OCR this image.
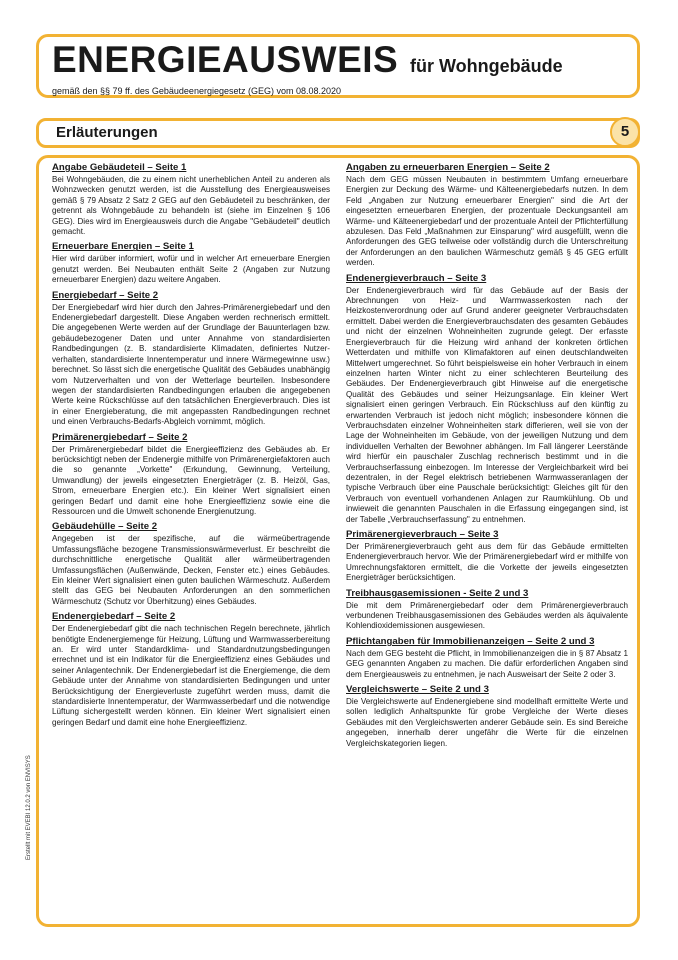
ENERGIEAUSWEIS für Wohngebäude
gemäß den §§ 79 ff. des Gebäudeenergiegesetz (GEG) vom 08.08.2020
Erläuterungen	5
Angabe Gebäudeteil – Seite 1

Bei Wohngebäuden, die zu einem nicht unerheblichen Anteil zu anderen als Wohnzwecken genutzt werden, ist die Ausstellung des Energieausweises gemäß § 79 Absatz 2 Satz 2 GEG auf den Gebäudeteil zu beschränken, der getrennt als Wohngebäude zu behandeln ist (siehe im Einzelnen § 106 GEG). Dies wird im Energieausweis durch die Angabe "Gebäudeteil" deutlich gemacht.

Erneuerbare Energien – Seite 1

Hier wird darüber informiert, wofür und in welcher Art erneuerbare Energien genutzt werden. Bei Neubauten enthält Seite 2 (Angaben zur Nutzung erneuerbarer Energien) dazu weitere Angaben.

Energiebedarf – Seite 2

Der Energiebedarf wird hier durch den Jahres-Primärenergiebedarf und den Endenergiebedarf dargestellt. Diese Angaben werden rechnerisch ermittelt. Die angegebenen Werte werden auf der Grundlage der Bauunterlagen bzw. gebäudebezogener Daten und unter Annahme von standardisierten Randbedingungen (z. B. standardisierte Klimadaten, definiertes Nutzer-verhalten, standardisierte Innentemperatur und innere Wärmegewinne usw.) berechnet. So lässt sich die energetische Qualität des Gebäudes unabhängig vom Nutzerverhalten und von der Wetterlage beurteilen. Insbesondere wegen der standardisierten Randbedingungen erlauben die angegebenen Werte keine Rückschlüsse auf den tatsächlichen Energieverbrauch. Dies ist in einer Energieberatung, die mit angepassten Randbedingungen rechnet und einen Verbrauchs-Bedarfs-Abgleich vornimmt, möglich.

Primärenergiebedarf – Seite 2

Der Primärenergiebedarf bildet die Energieeffizienz des Gebäudes ab. Er berücksichtigt neben der Endenergie mithilfe von Primärenergiefaktoren auch die so genannte „Vorkette" (Erkundung, Gewinnung, Verteilung, Umwandlung) der jeweils eingesetzten Energieträger (z. B. Heizöl, Gas, Strom, erneuerbare Energien etc.). Ein kleiner Wert signalisiert einen geringen Bedarf und damit eine hohe Energieeffizienz sowie eine die Ressourcen und die Umwelt schonende Energienutzung.

Gebäudehülle – Seite 2

Angegeben ist der spezifische, auf die wärmeübertragende Umfassungsfläche bezogene Transmissionswärmeverlust. Er beschreibt die durchschnittliche energetische Qualität aller wärmeübertragenden Umfassungsflächen (Außenwände, Decken, Fenster etc.) eines Gebäudes. Ein kleiner Wert signalisiert einen guten baulichen Wärmeschutz. Außerdem stellt das GEG bei Neubauten Anforderungen an den sommerlichen Wärmeschutz (Schutz vor Überhitzung) eines Gebäudes.

Endenergiebedarf – Seite 2

Der Endenergiebedarf gibt die nach technischen Regeln berechnete, jährlich benötigte Endenergiemenge für Heizung, Lüftung und Warmwasserbereitung an. Er wird unter Standardklima- und Standardnutzungsbedingungen errechnet und ist ein Indikator für die Energieeffizienz eines Gebäudes und seiner Anlagentechnik. Der Endenergiebedarf ist die Energiemenge, die dem Gebäude unter der Annahme von standardisierten Bedingungen und unter Berücksichtigung der Energieverluste zugeführt werden muss, damit die standardisierte Innentemperatur, der Warmwasserbedarf und die notwendige Lüftung sichergestellt werden können. Ein kleiner Wert signalisiert einen geringen Bedarf und damit eine hohe Energieeffizienz.

Angaben zu erneuerbaren Energien – Seite 2

Nach dem GEG müssen Neubauten in bestimmtem Umfang erneuerbare Energien zur Deckung des Wärme- und Kälteenergiebedarfs nutzen. In dem Feld „Angaben zur Nutzung erneuerbarer Energien" sind die Art der eingesetzten erneuerbaren Energien, der prozentuale Deckungsanteil am Wärme- und Kälteenergiebedarf und der prozentuale Anteil der Pflichterfüllung abzulesen. Das Feld „Maßnahmen zur Einsparung" wird ausgefüllt, wenn die Anforderungen des GEG teilweise oder vollständig durch die Unterschreitung der Anforderungen an den baulichen Wärmeschutz gemäß § 45 GEG erfüllt werden.

Endenergieverbrauch – Seite 3

Der Endenergieverbrauch wird für das Gebäude auf der Basis der Abrechnungen von Heiz- und Warmwasserkosten nach der Heizkostenverordnung oder auf Grund anderer geeigneter Verbrauchsdaten ermittelt. Dabei werden die Energieverbrauchsdaten des gesamten Gebäudes und nicht der einzelnen Wohneinheiten zugrunde gelegt. Der erfasste Energieverbrauch für die Heizung wird anhand der konkreten örtlichen Wetterdaten und mithilfe von Klimafaktoren auf einen deutschlandweiten Mittelwert umgerechnet. So führt beispielsweise ein hoher Verbrauch in einem einzelnen harten Winter nicht zu einer schlechteren Beurteilung des Gebäudes. Der Endenergieverbrauch gibt Hinweise auf die energetische Qualität des Gebäudes und seiner Heizungsanlage. Ein kleiner Wert signalisiert einen geringen Verbrauch. Ein Rückschluss auf den künftig zu erwartenden Verbrauch ist jedoch nicht möglich; insbesondere können die Verbrauchsdaten einzelner Wohneinheiten stark differieren, weil sie von der Lage der Wohneinheiten im Gebäude, von der jeweiligen Nutzung und dem individuellen Verhalten der Bewohner abhängen. Im Fall längerer Leerstände wird hierfür ein pauschaler Zuschlag rechnerisch bestimmt und in die Verbrauchserfassung einbezogen. Im Interesse der Vergleichbarkeit wird bei dezentralen, in der Regel elektrisch betriebenen Warmwasseranlagen der typische Verbrauch über eine Pauschale berücksichtigt: Gleiches gilt für den Verbrauch von eventuell vorhandenen Anlagen zur Raumkühlung. Ob und inwieweit die genannten Pauschalen in die Erfassung eingegangen sind, ist der Tabelle „Verbrauchserfassung" zu entnehmen.

Primärenergieverbrauch – Seite 3

Der Primärenergieverbrauch geht aus dem für das Gebäude ermittelten Endenergieverbrauch hervor. Wie der Primärenergiebedarf wird er mithilfe von Umrechnungsfaktoren ermittelt, die die Vorkette der jeweils eingesetzten Energieträger berücksichtigen.

Treibhausgasemissionen - Seite 2 und 3

Die mit dem Primärenergiebedarf oder dem Primärenergieverbrauch verbundenen Treibhausgasemissionen des Gebäudes werden als äquivalente Kohlendioxidemissionen ausgewiesen.

Pflichtangaben für Immobilienanzeigen – Seite 2 und 3

Nach dem GEG besteht die Pflicht, in Immobilienanzeigen die in § 87 Absatz 1 GEG genannten Angaben zu machen. Die dafür erforderlichen Angaben sind dem Energieausweis zu entnehmen, je nach Ausweisart der Seite 2 oder 3.

Vergleichswerte – Seite 2 und 3

Die Vergleichswerte auf Endenergiebene sind modellhaft ermittelte Werte und sollen lediglich Anhaltspunkte für grobe Vergleiche der Werte dieses Gebäudes mit den Vergleichswerten anderer Gebäude sein. Es sind Bereiche angegeben, innerhalb derer ungefähr die Werte für die einzelnen Vergleichskategorien liegen.

Erstellt mit EVEBI 12.0.2 von ENVISYS
